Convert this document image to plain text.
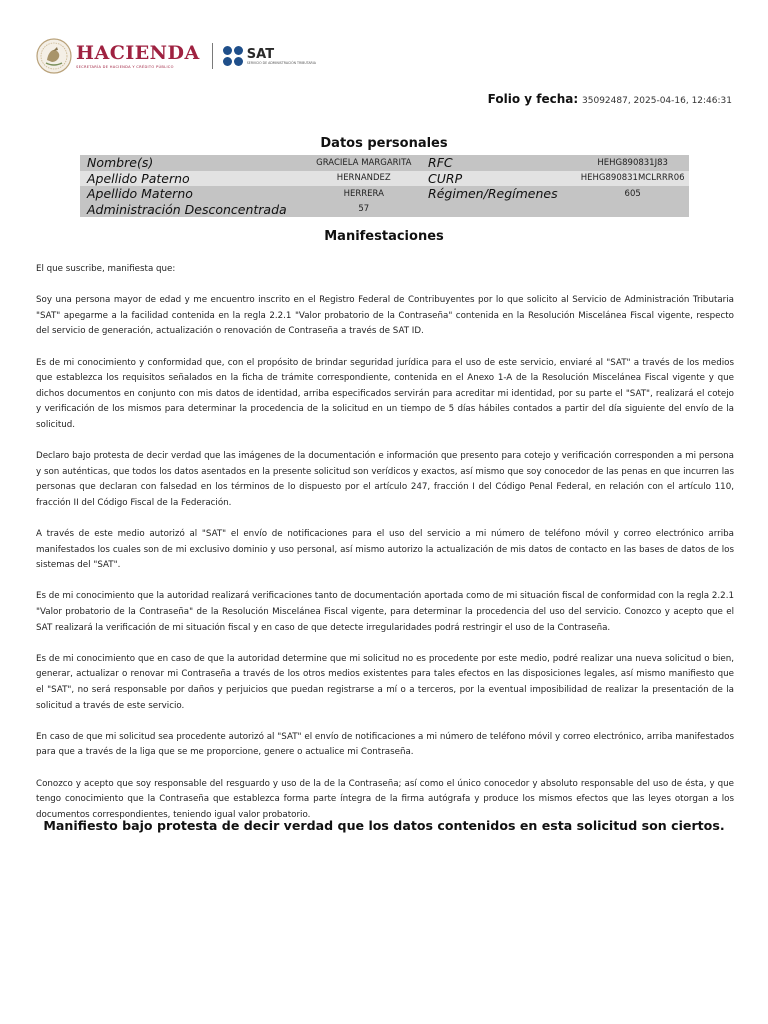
HACIENDA
SECRETARÍA DE HACIENDA Y CRÉDITO PÚBLICO
SAT
SERVICIO DE ADMINISTRACIÓN TRIBUTARIA
Folio y fecha: 35092487, 2025-04-16, 12:46:31
Datos personales
Nombre(s)	GRACIELA MARGARITA	RFC	HEHG890831J83
Apellido Paterno	HERNANDEZ	CURP	HEHG890831MCLRRR06
Apellido Materno	HERRERA	Régimen/Regímenes	605
Administración Desconcentrada	57
Manifestaciones

El que suscribe, manifiesta que:

Soy una persona mayor de edad y me encuentro inscrito en el Registro Federal de Contribuyentes por lo que solicito al Servicio de Administración Tributaria "SAT" apegarme a la facilidad contenida en la regla 2.2.1 "Valor probatorio de la Contraseña" contenida en la Resolución Miscelánea Fiscal vigente, respecto del servicio de generación, actualización o renovación de Contraseña a través de SAT ID.

Es de mi conocimiento y conformidad que, con el propósito de brindar seguridad jurídica para el uso de este servicio, enviaré al "SAT" a través de los medios que establezca los requisitos señalados en la ficha de trámite correspondiente, contenida en el Anexo 1-A de la Resolución Miscelánea Fiscal vigente y que dichos documentos en conjunto con mis datos de identidad, arriba especificados servirán para acreditar mi identidad, por su parte el "SAT", realizará el cotejo y verificación de los mismos para determinar la procedencia de la solicitud en un tiempo de 5 días hábiles contados a partir del día siguiente del envío de la solicitud.

Declaro bajo protesta de decir verdad que las imágenes de la documentación e información que presento para cotejo y verificación corresponden a mi persona y son auténticas, que todos los datos asentados en la presente solicitud son verídicos y exactos, así mismo que soy conocedor de las penas en que incurren las personas que declaran con falsedad en los términos de lo dispuesto por el artículo 247, fracción I del Código Penal Federal, en relación con el artículo 110, fracción II del Código Fiscal de la Federación.

A través de este medio autorizó al "SAT" el envío de notificaciones para el uso del servicio a mi número de teléfono móvil y correo electrónico arriba manifestados los cuales son de mi exclusivo dominio y uso personal, así mismo autorizo la actualización de mis datos de contacto en las bases de datos de los sistemas del "SAT".

Es de mi conocimiento que la autoridad realizará verificaciones tanto de documentación aportada como de mi situación fiscal de conformidad con la regla 2.2.1 "Valor probatorio de la Contraseña" de la Resolución Miscelánea Fiscal vigente, para determinar la procedencia del uso del servicio. Conozco y acepto que el SAT realizará la verificación de mi situación fiscal y en caso de que detecte irregularidades podrá restringir el uso de la Contraseña.

Es de mi conocimiento que en caso de que la autoridad determine que mi solicitud no es procedente por este medio, podré realizar una nueva solicitud o bien, generar, actualizar o renovar mi Contraseña a través de los otros medios existentes para tales efectos en las disposiciones legales, así mismo manifiesto que el "SAT", no será responsable por daños y perjuicios que puedan registrarse a mí o a terceros, por la eventual imposibilidad de realizar la presentación de la solicitud a través de este servicio.

En caso de que mi solicitud sea procedente autorizó al "SAT" el envío de notificaciones a mi número de teléfono móvil y correo electrónico, arriba manifestados para que a través de la liga que se me proporcione, genere o actualice mi Contraseña.

Conozco y acepto que soy responsable del resguardo y uso de la de la Contraseña; así como el único conocedor y absoluto responsable del uso de ésta, y que tengo conocimiento que la Contraseña que establezca forma parte íntegra de la firma autógrafa y produce los mismos efectos que las leyes otorgan a los documentos correspondientes, teniendo igual valor probatorio.

Manifiesto bajo protesta de decir verdad que los datos contenidos en esta solicitud son ciertos.
